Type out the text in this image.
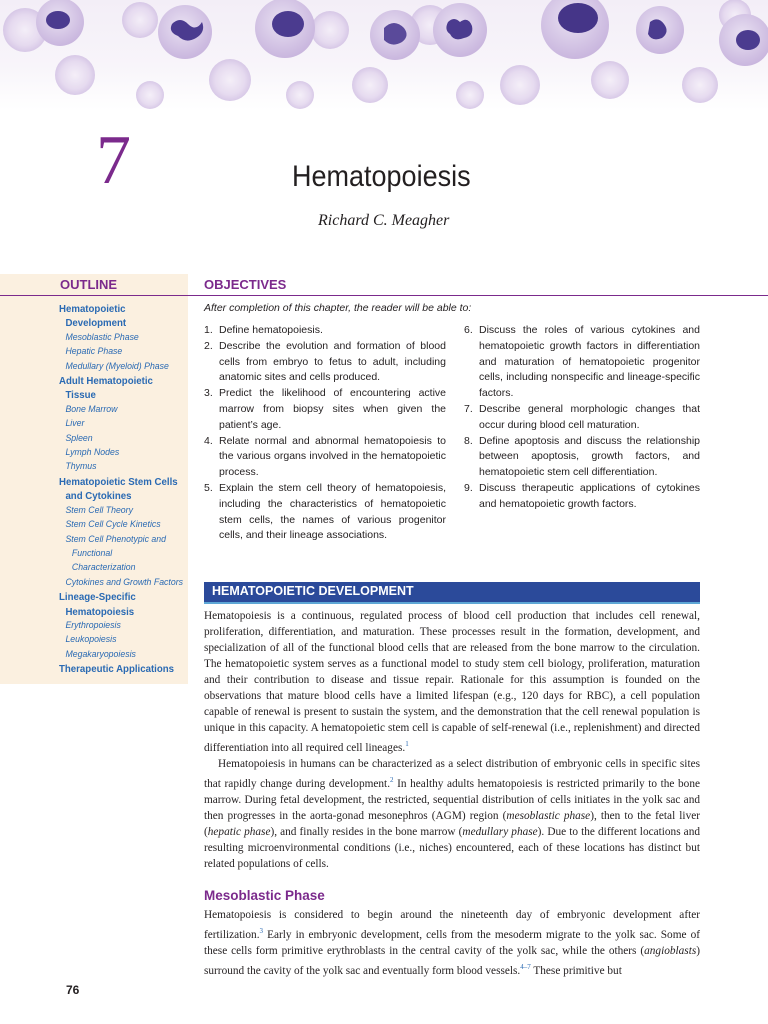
7	Hematopoiesis
Richard C. Meagher
OUTLINE
Hematopoietic
Development
Mesoblastic Phase
Hepatic Phase
Medullary (Myeloid) Phase
Adult Hematopoietic
Tissue
Bone Marrow
Liver
Spleen
Lymph Nodes
Thymus
Hematopoietic Stem Cells
and Cytokines
Stem Cell Theory
Stem Cell Cycle Kinetics
Stem Cell Phenotypic and
Functional
Characterization
Cytokines and Growth Factors
Lineage-Specific
Hematopoiesis
Erythropoiesis
Leukopoiesis
Megakaryopoiesis
Therapeutic Applications
OBJECTIVES
After completion of this chapter, the reader will be able to:
1. Define hematopoiesis.
2. Describe the evolution and formation of blood cells from embryo to fetus to adult, including anatomic sites and cells produced.
3. Predict the likelihood of encountering active marrow from biopsy sites when given the patient’s age.
4. Relate normal and abnormal hematopoiesis to the various organs involved in the hematopoietic process.
5. Explain the stem cell theory of hematopoiesis, including the characteristics of hematopoietic stem cells, the names of various progenitor cells, and their lineage associations.
6. Discuss the roles of various cytokines and hematopoietic growth factors in differentiation and maturation of hematopoietic progenitor cells, including nonspecific and lineage-specific factors.
7. Describe general morphologic changes that occur during blood cell maturation.
8. Define apoptosis and discuss the relationship between apoptosis, growth factors, and hematopoietic stem cell differentiation.
9. Discuss therapeutic applications of cytokines and hematopoietic growth factors.
HEMATOPOIETIC DEVELOPMENT

Hematopoiesis is a continuous, regulated process of blood cell production that includes cell renewal, proliferation, differentiation, and maturation. These processes result in the formation, development, and specialization of all of the functional blood cells that are released from the bone marrow to the circulation. The hematopoietic system serves as a functional model to study stem cell biology, proliferation, maturation and their contribution to disease and tissue repair. Rationale for this assumption is founded on the observations that mature blood cells have a limited lifespan (e.g., 120 days for RBC), a cell population capable of renewal is present to sustain the system, and the demonstration that the cell renewal population is unique in this capacity. A hematopoietic stem cell is capable of self-renewal (i.e., replenishment) and directed differentiation into all required cell lineages.$^1$

Hematopoiesis in humans can be characterized as a select distribution of embryonic cells in specific sites that rapidly change during development.$^2$ In healthy adults hematopoiesis is restricted primarily to the bone marrow. During fetal development, the restricted, sequential distribution of cells initiates in the yolk sac and then progresses in the aorta-gonad mesonephros (AGM) region (mesoblastic phase), then to the fetal liver (hepatic phase), and finally resides in the bone marrow (medullary phase). Due to the different locations and resulting microenvironmental conditions (i.e., niches) encountered, each of these locations has distinct but related populations of cells.

Mesoblastic Phase

Hematopoiesis is considered to begin around the nineteenth day of embryonic development after fertilization.$^3$ Early in embryonic development, cells from the mesoderm migrate to the yolk sac. Some of these cells form primitive erythroblasts in the central cavity of the yolk sac, while the others (angioblasts) surround the cavity of the yolk sac and eventually form blood vessels.$^{4-7}$ These primitive but

76
